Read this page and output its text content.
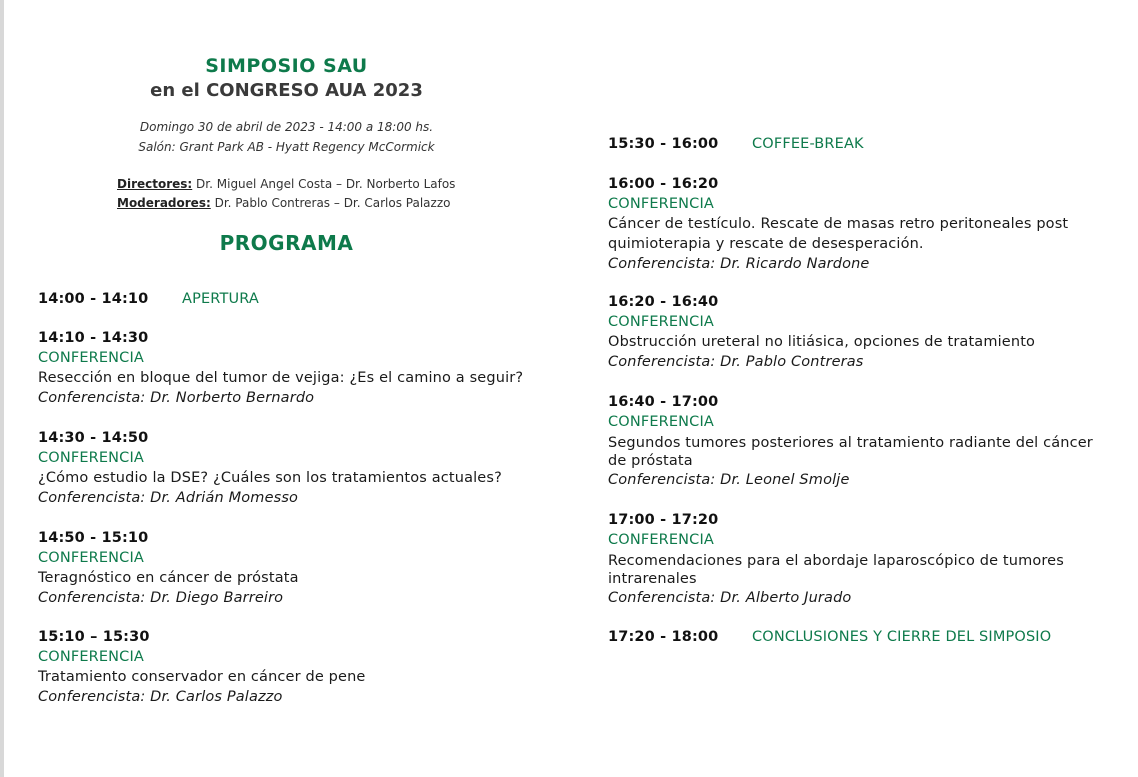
SIMPOSIO SAU
en el CONGRESO AUA 2023
Domingo 30 de abril de 2023 - 14:00 a 18:00 hs.
Salón: Grant Park AB - Hyatt Regency McCormick
Directores: Dr. Miguel Angel Costa – Dr. Norberto Lafos
Moderadores: Dr. Pablo Contreras – Dr. Carlos Palazzo
PROGRAMA
14:00 - 14:10 APERTURA
14:10 - 14:30
CONFERENCIA
Resección en bloque del tumor de vejiga: ¿Es el camino a seguir?
Conferencista: Dr. Norberto Bernardo
14:30 - 14:50
CONFERENCIA
¿Cómo estudio la DSE? ¿Cuáles son los tratamientos actuales?
Conferencista: Dr. Adrián Momesso
14:50 - 15:10
CONFERENCIA
Teragnóstico en cáncer de próstata
Conferencista: Dr. Diego Barreiro
15:10 – 15:30
CONFERENCIA
Tratamiento conservador en cáncer de pene
Conferencista: Dr. Carlos Palazzo
15:30 - 16:00 COFFEE-BREAK
16:00 - 16:20
CONFERENCIA
Cáncer de testículo. Rescate de masas retro peritoneales post
quimioterapia y rescate de desesperación.
Conferencista: Dr. Ricardo Nardone
16:20 - 16:40
CONFERENCIA
Obstrucción ureteral no litiásica, opciones de tratamiento
Conferencista: Dr. Pablo Contreras
16:40 - 17:00
CONFERENCIA
Segundos tumores posteriores al tratamiento radiante del cáncer
de próstata
Conferencista: Dr. Leonel Smolje
17:00 - 17:20
CONFERENCIA
Recomendaciones para el abordaje laparoscópico de tumores
intrarenales
Conferencista: Dr. Alberto Jurado
17:20 - 18:00 CONCLUSIONES Y CIERRE DEL SIMPOSIO
